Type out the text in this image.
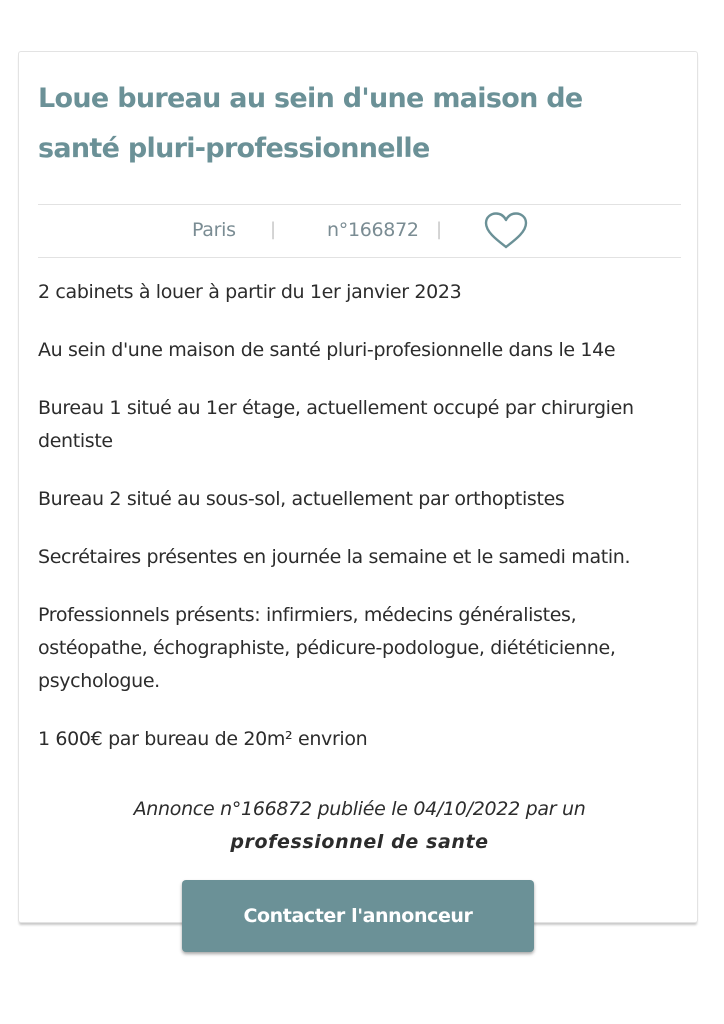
Loue bureau au sein d'une maison de santé pluri-professionnelle
Paris |	n°166872 |

2 cabinets à louer à partir du 1er janvier 2023

Au sein d'une maison de santé pluri-profesionnelle dans le 14e

Bureau 1 situé au 1er étage, actuellement occupé par chirurgien dentiste

Bureau 2 situé au sous-sol, actuellement par orthoptistes

Secrétaires présentes en journée la semaine et le samedi matin.

Professionnels présents: infirmiers, médecins généralistes, ostéopathe, échographiste, pédicure-podologue, diététicienne, psychologue.

1 600€ par bureau de 20m² envrion

Annonce n°166872 publiée le 04/10/2022 par un
professionnel de sante
Contacter l'annonceur
